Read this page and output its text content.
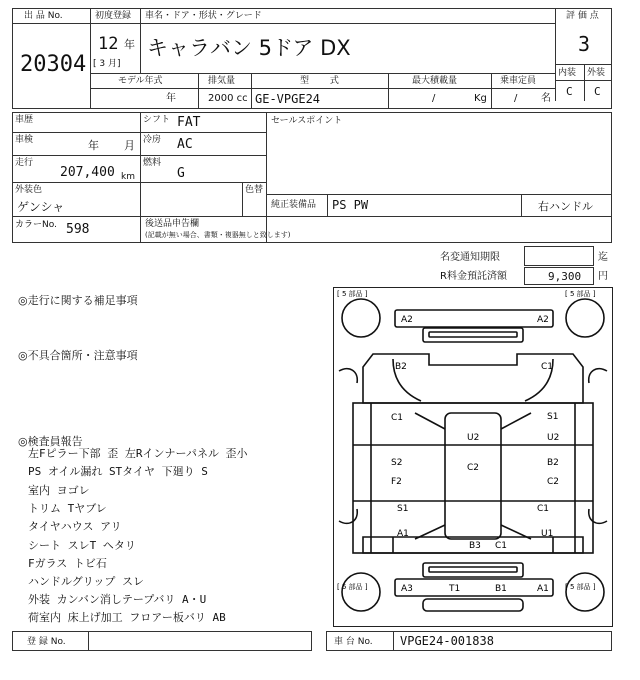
出 品 No.
20304
初度登録
12 年
[ 3 月]
車名・ドア・形状・グレード
キャラバン 5ドア DX
評 価 点
3
内装 外装
C C
モデル年式
年
排気量
2000 cc
型 式
GE-VPGE24
最大積載量
/	Kg
乗車定員
/ 名
車歴
車検	年 月
走行
207,400 km
シフト FAT
冷房 AC
燃料
G
セールスポイント
外装色
ゲンシャ
色替
純正装備品 PS PW	右ハンドル
カラーNo. 598	後送品申告欄
(記載が無い場合、書類・複器無しと致します)
名変通知期限	迄
R料金預託済額	9,300 円
◎走行に関する補足事項
◎不具合箇所・注意事項
◎検査員報告
左Fピラー下部 歪 左Rインナーパネル 歪小
PS オイル漏れ STタイヤ 下廻り S
室内 ヨゴレ
トリム Tヤブレ
タイヤハウス アリ
シート スレT ヘタリ
Fガラス トビ石
ハンドルグリップ スレ
外装 カンバン消しテープバリ A・U
荷室内 床上げ加工 フロアー板バリ AB
[ 5 部品 ]	[ 5 部品 ]
[ 5 部品 ]	[ 5 部品 ]
A2	A2
B2	C1
C1	S1
U2
U2
C2
S2
F2
B2
C2
S1
A1
C1
U1
B3 C1
A3	T1	B1	A1
登 録 No.	車 台 No. VPGE24-001838
